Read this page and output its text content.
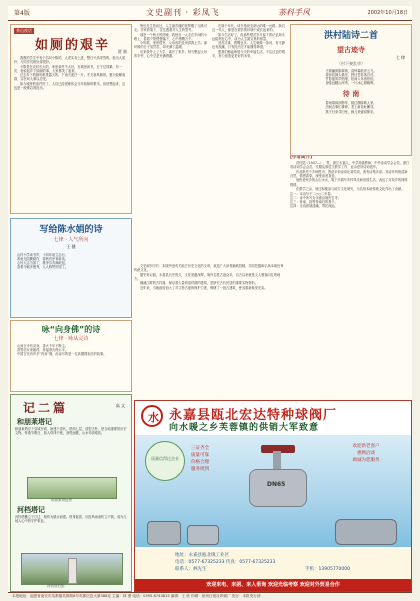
第4版	文史副刊 · 彩凤飞	茶科手风	2002年10月18日
茶山夜话
如厕的艰辛 贾 阁

我教的学生中有个名叫小陈的，人老实肯上进，整日兴高采烈的。他为人质朴，与同学们相处得很好。

小陈是在农村长大的，家里条件不太好，在城里读书，日子过得紧。有一次，他说起乡下如厕的事，大家都笑了起来。

过去乡下的厕所都是露天的，下雨天泥泞一片，冬天寒风刺骨，夏天蚊蝇成群，实在叫人难以忍受。

如今城里的条件好了，人们已经很难体会当年如厕的艰辛。但回想起来，这也是一段难忘的经历。

写给陈水娟的诗
七律 · 人气所向
王 健
山村小学读书声，十四年前立志行。
风雨无阻勤耕作，春秋有序育新英。
心怀大志当园丁，桃李芬芳满地迎。
喜看今朝多俊秀，人人称赞好园丁。
咏“向身佛”的诗
七律 · 咏从灵诗
山间古寺有灵身，香火千年不断尘。
善男信女来朝拜，祈福消灾保太平。
中国古代有许多“肉身”佛，此诗写的是一位高僧圆寂后的故事。
记二篇	高 文
和朋莱塔记
和朋莱塔位于县城东郊，始建于清代，塔高七层，造型古朴，是当地重要的历史文物。每逢节假日，游人络绎不绝，登塔远眺，山水尽收眼底。
和朋莱塔远景
河档塔记
河档塔矗立于江边，相传为镇水而建。塔身挺拔，历经风雨而屹立不倒，成为当地人心中的守护象征。
河档塔旧影

鲁迅先生曾说过，人生最苦痛的是梦醒了无路可走。作家的笔下，往往透着对人生的思考。

那是一个秋天的傍晚，我独自一人走在乡间的小路上，看着夕阳慢慢落下，心中感慨万千。

小时候，家里很穷，父母省吃俭用供我上学。那时候的日子虽然苦，却充满了温暖。

后来我考上了大学，离开了家乡。每当想起父母的辛劳，心中总是充满感激。

在那个年代，读书是改变命运的唯一出路。我们这一代人，都是在艰苦的环境中成长起来的。

如今生活好了，但那些艰苦岁月留下的记忆却永远铭刻在心中，成为人生最宝贵的财富。

回首往事，感慨良多。人生就像一条河，有平静也有波澜，只有经历过才能懂得珍惜。

愿我们都能珍惜今天的幸福生活，不忘过去的艰辛，努力创造更美好的未来。

文史副刊专栏：本版刊登有关地方历史文化的文章，欢迎广大读者踊跃投稿，共同挖掘和弘扬本地优秀传统文化。

据史料记载，永嘉县历史悠久，文化底蕴深厚，境内名胜古迹众多，自古以来就是文人墨客向往的地方。

楠溪江畔的古村落，保存着大量明清时期的建筑，是研究古代民居的重要实物资料。

近年来，当地政府加大了对文物古迹的保护力度，修缮了一批古建筑，使其重新焕发光彩。

洪村陆诗二首
望古迹寺
七 律
（村下寮乱草）
古刹幽深隐翠微，清钟暮鼓伴云飞。
禅房寂静人稀至，野径苍苔客自归。
竹影摇风声细细，松涛入耳意依依。
登临远眺山河秀，一片冰心照晚晖。
待 南
春雨绵绵润物华，桃红柳绿映人家。
田间农事忙耕种，垄上新苗吐嫩芽。
燕子归来寻旧垒，蜂儿采蜜绕繁花。
[作者简介]

洪村陆（1947—），男，浙江永嘉人，中学高级教师，中华诗词学会会员，浙江省诗词学会会员。长期从事语文教学工作，业余爱好诗词创作。

作品散见于多种报刊，曾获多项诗词比赛奖项，著有诗集多部。其诗作风格清新自然，情感真挚，深受读者喜爱。

他热爱家乡的山山水水，笔下多描写乡村风光和田园生活，表达了对故乡的深厚感情。

在教学之余，他还积极参与地方文化研究，为弘扬本地传统文化作出了贡献。

注一：本诗写于二○○二年春。
注二：诗中所写为永嘉县境内古寺。
注三：待南，指等待南归的燕子。
注四：全诗意境清幽，寄托深远。
水 永嘉县瓯北宏达特种球阀厂
向水暖之乡芙蓉镇的供销大军致意
质量信得过企业
三证齐全
质量可靠
价格合理
服务周到
DN65
欢迎新老客户
惠顾洽谈
竭诚为您服务
地址：永嘉县瓯北镇工业区
电话：0577-67325233 传真：0577-67325233
联系人：林先生	手机：13905770000
欢迎来电、来函、来人垂询 欢迎光临考察 欢迎对外贸易合作
本报地址：福建省南安市英都镇英都路8号英都信息大厦388室 主编：林 勇 电话：0595-6743815 编辑：王 欣 印刷：泉州日报社印刷厂 发行：本报发行部
